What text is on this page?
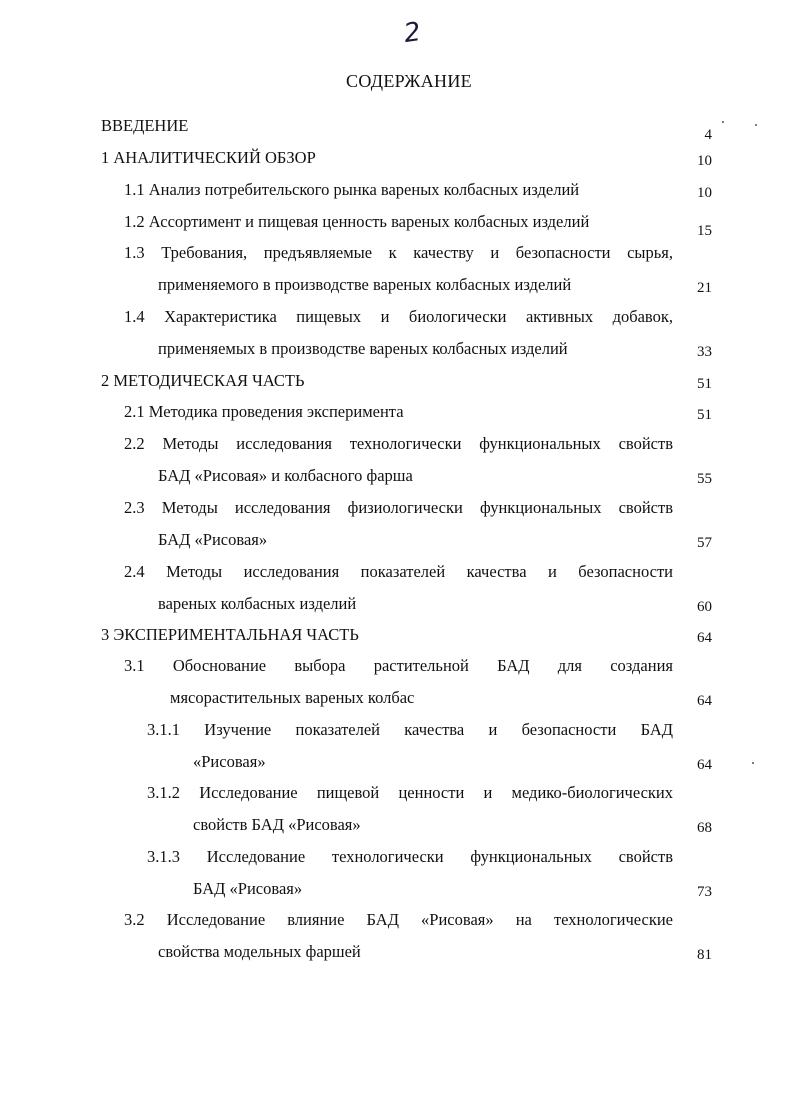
2
СОДЕРЖАНИЕ
ВВЕДЕНИЕ	4
1 АНАЛИТИЧЕСКИЙ ОБЗОР	10
1.1 Анализ потребительского рынка вареных колбасных изделий	10
1.2 Ассортимент и пищевая ценность вареных колбасных изделий	15
1.3 Требования, предъявляемые к качеству и безопасности сырья,
применяемого в производстве вареных колбасных изделий	21
1.4 Характеристика пищевых и биологически активных добавок,
применяемых в производстве вареных колбасных изделий	33
2 МЕТОДИЧЕСКАЯ ЧАСТЬ	51
2.1 Методика проведения эксперимента	51
2.2 Методы исследования технологически функциональных свойств
БАД «Рисовая» и колбасного фарша	55
2.3 Методы исследования физиологически функциональных свойств
БАД «Рисовая»	57
2.4 Методы исследования показателей качества и безопасности
вареных колбасных изделий	60
3 ЭКСПЕРИМЕНТАЛЬНАЯ ЧАСТЬ	64
3.1 Обоснование выбора растительной БАД для создания
мясорастительных вареных колбас	64
3.1.1 Изучение показателей качества и безопасности БАД
«Рисовая»	64
3.1.2 Исследование пищевой ценности и медико-биологических
свойств БАД «Рисовая»	68
3.1.3 Исследование технологически функциональных свойств
БАД «Рисовая»	73
3.2 Исследование влияние БАД «Рисовая» на технологические
свойства модельных фаршей	81
